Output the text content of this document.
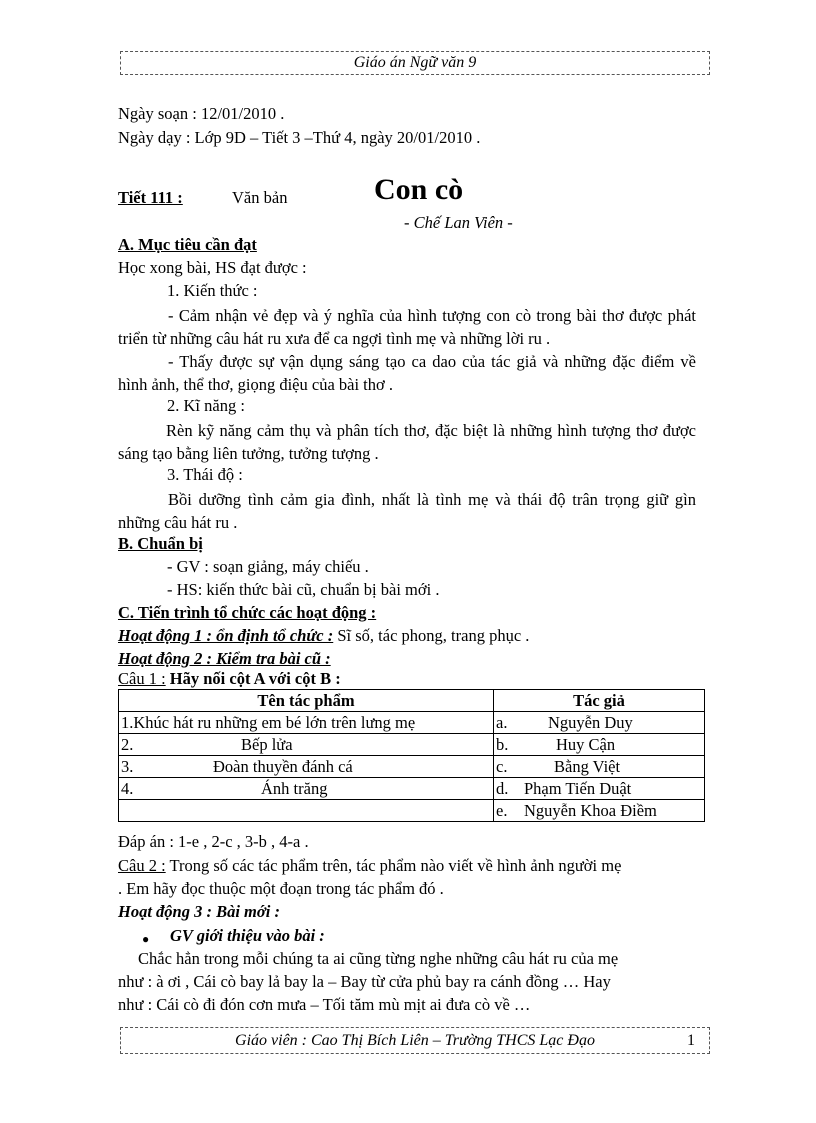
Giáo án Ngữ văn 9
Ngày soạn : 12/01/2010 .
Ngày dạy : Lớp 9D – Tiết 3 –Thứ 4, ngày 20/01/2010 .
Tiết 111 :	Văn bản	Con cò
- Chế Lan Viên -
A. Mục tiêu cần đạt
Học xong bài, HS đạt được :
1. Kiến thức :
- Cảm nhận vẻ đẹp và ý nghĩa của hình tượng con cò trong bài thơ được phát triển từ những câu hát ru xưa để ca ngợi tình mẹ và những lời ru .
- Thấy được sự vận dụng sáng tạo ca dao của tác giả và những đặc điểm về hình ảnh, thể thơ, giọng điệu của bài thơ .
2. Kĩ năng :
Rèn kỹ năng cảm thụ và phân tích thơ, đặc biệt là những hình tượng thơ được sáng tạo bằng liên tưởng, tưởng tượng .
3. Thái độ :
Bồi dưỡng tình cảm gia đình, nhất là tình mẹ và thái độ trân trọng giữ gìn những câu hát ru .
B. Chuẩn bị
- GV : soạn giảng, máy chiếu .
- HS: kiến thức bài cũ, chuẩn bị bài mới .
C. Tiến trình tổ chức các hoạt động :
Hoạt động 1 : ổn định tổ chức : Sĩ số, tác phong, trang phục .
Hoạt động 2 : Kiểm tra bài cũ :
Câu 1 : Hãy nối cột A với cột B :
Tên tác phẩm	Tác giả
1.Khúc hát ru những em bé lớn trên lưng mẹ	a. Nguyễn Duy
2. Bếp lửa	b. Huy Cận
3. Đoàn thuyền đánh cá	c. Bằng Việt
4. Ánh trăng	d. Phạm Tiến Duật
	e. Nguyễn Khoa Điềm
Đáp án : 1-e , 2-c , 3-b , 4-a .
Câu 2 : Trong số các tác phẩm trên, tác phẩm nào viết về hình ảnh người mẹ
. Em hãy đọc thuộc một đoạn trong tác phẩm đó .
Hoạt động 3 : Bài mới :
● GV giới thiệu vào bài :
Chắc hẳn trong mỗi chúng ta ai cũng từng nghe những câu hát ru của mẹ
như : à ơi , Cái cò bay lả bay la – Bay từ cửa phủ bay ra cánh đồng … Hay
như : Cái cò đi đón cơn mưa – Tối tăm mù mịt ai đưa cò về …
Giáo viên : Cao Thị Bích Liên – Trường THCS Lạc Đạo	1
